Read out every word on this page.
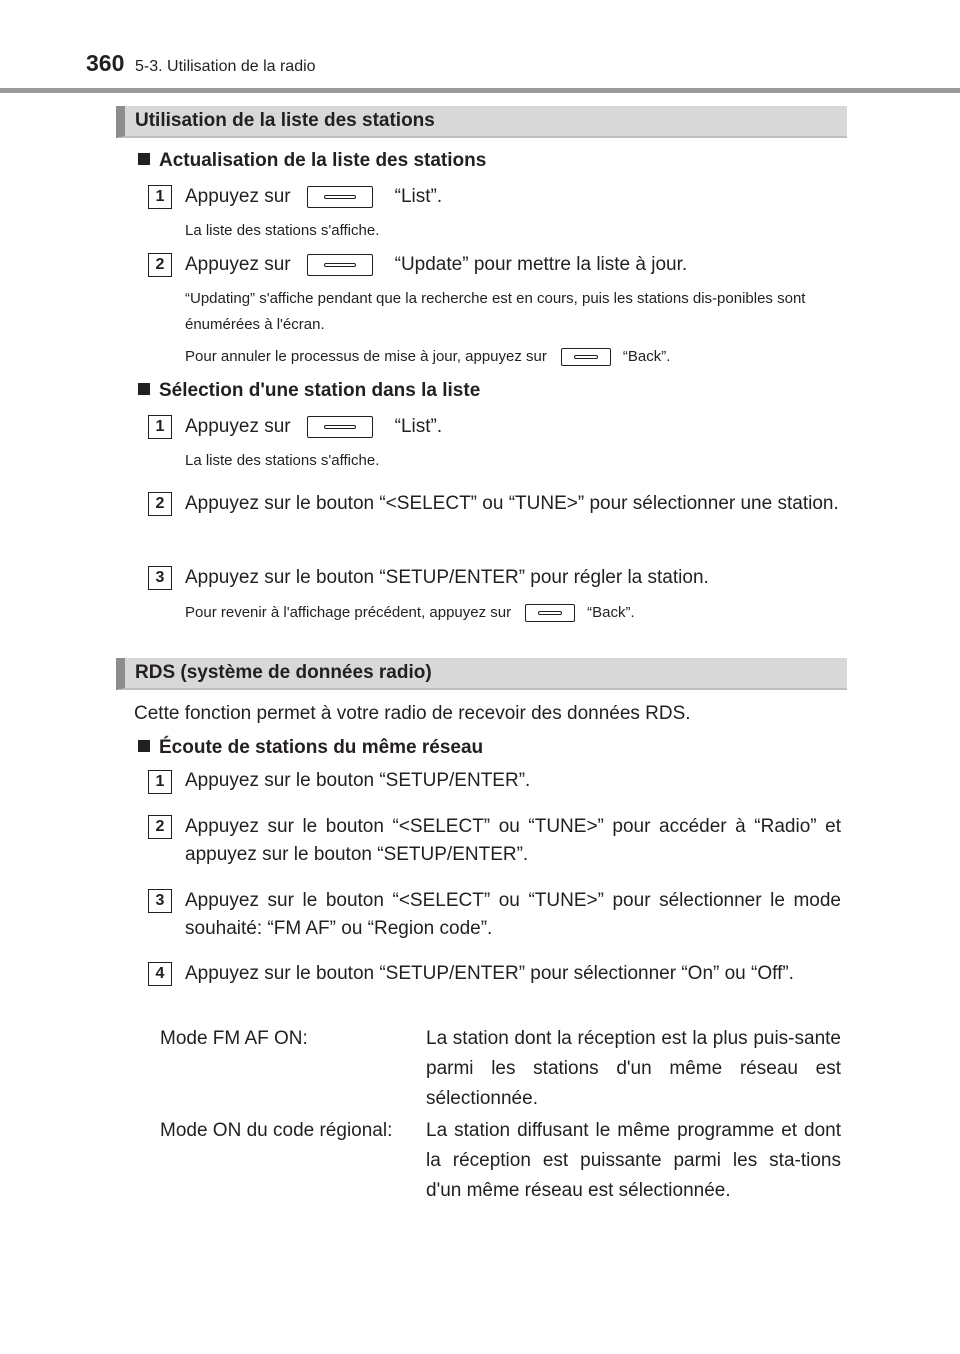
360 5-3. Utilisation de la radio
Utilisation de la liste des stations
Actualisation de la liste des stations
1	Appuyez sur	“List”.
La liste des stations s'affiche.
2	Appuyez sur	“Update” pour mettre la liste à jour.
“Updating” s'affiche pendant que la recherche est en cours, puis les stations dis-ponibles sont énumérées à l'écran.
Pour annuler le processus de mise à jour, appuyez sur	“Back”.
Sélection d'une station dans la liste
1	Appuyez sur	“List”.
La liste des stations s'affiche.
2	Appuyez sur le bouton “<SELECT” ou “TUNE>” pour sélectionner une station.
3	Appuyez sur le bouton “SETUP/ENTER” pour régler la station.
Pour revenir à l'affichage précédent, appuyez sur	“Back”.
RDS (système de données radio)
Cette fonction permet à votre radio de recevoir des données RDS.
Écoute de stations du même réseau
1	Appuyez sur le bouton “SETUP/ENTER”.
2	Appuyez sur le bouton “<SELECT” ou “TUNE>” pour accéder à “Radio” et appuyez sur le bouton “SETUP/ENTER”.
3	Appuyez sur le bouton “<SELECT” ou “TUNE>” pour sélectionner le mode souhaité: “FM AF” ou “Region code”.
4	Appuyez sur le bouton “SETUP/ENTER” pour sélectionner “On” ou “Off”.
Mode FM AF ON:	La station dont la réception est la plus puis-sante parmi les stations d'un même réseau est sélectionnée.
Mode ON du code régional: La station diffusant le même programme et dont la réception est puissante parmi les sta-tions d'un même réseau est sélectionnée.
